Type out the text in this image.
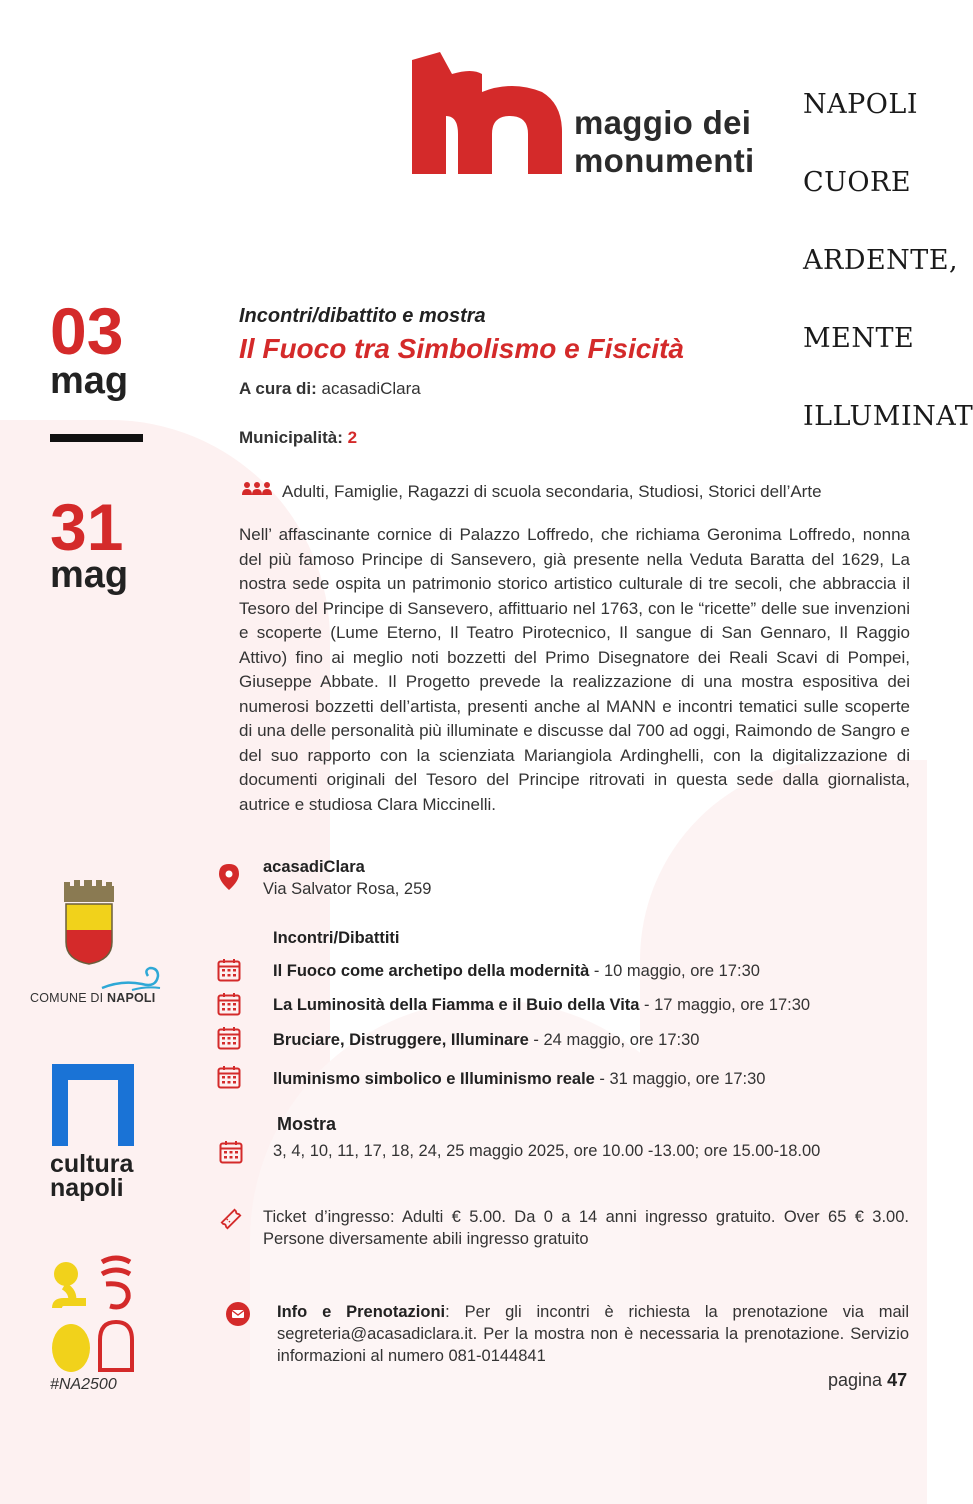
maggio dei
monumenti

NAPOLI

CUORE

ARDENTE,

MENTE

ILLUMINAT

03
mag
31
mag
Incontri/dibattito e mostra
Il Fuoco tra Simbolismo e Fisicità
A cura di: acasadiClara
Municipalità: 2
Adulti, Famiglie, Ragazzi di scuola secondaria, Studiosi, Storici dell’Arte
Nell’ affascinante cornice di Palazzo Loffredo, che richiama Geronima Loffredo, nonna del più famoso Principe di Sansevero, già presente nella Veduta Baratta del 1629, La nostra sede ospita un patrimonio storico artistico culturale di tre secoli, che abbraccia il Tesoro del Principe di Sansevero, affittuario nel 1763, con le “ricette” delle sue invenzioni e scoperte (Lume Eterno, Il Teatro Pirotecnico, Il sangue di San Gennaro, Il Raggio Attivo) fino ai meglio noti bozzetti del Primo Disegnatore dei Reali Scavi di Pompei, Giuseppe Abbate. Il Progetto prevede la realizzazione di una mostra espositiva dei numerosi bozzetti dell’artista, presenti anche al MANN e incontri tematici sulle scoperte di una delle personalità più illuminate e discusse dal 700 ad oggi, Raimondo de Sangro e del suo rapporto con la scienziata Mariangiola Ardinghelli, con la digitalizzazione di documenti originali del Tesoro del Principe ritrovati in questa sede dalla giornalista, autrice e studiosa Clara Miccinelli.
acasadiClara
Via Salvator Rosa, 259
Incontri/Dibattiti
Il Fuoco come archetipo della modernità - 10 maggio, ore 17:30
La Luminosità della Fiamma e il Buio della Vita - 17 maggio, ore 17:30
Bruciare, Distruggere, Illuminare - 24 maggio, ore 17:30
lluminismo simbolico e Illuminismo reale - 31 maggio, ore 17:30
Mostra
3, 4, 10, 11, 17, 18, 24, 25 maggio 2025, ore 10.00 -13.00; ore 15.00-18.00
Ticket d’ingresso: Adulti € 5.00. Da 0 a 14 anni ingresso gratuito. Over 65 € 3.00. Persone diversamente abili ingresso gratuito
Info e Prenotazioni: Per gli incontri è richiesta la prenotazione via mail segreteria@acasadiclara.it. Per la mostra non è necessaria la prenotazione. Servizio informazioni al numero 081-0144841
pagina 47
COMUNE DI NAPOLI
cultura
napoli
#NA2500
